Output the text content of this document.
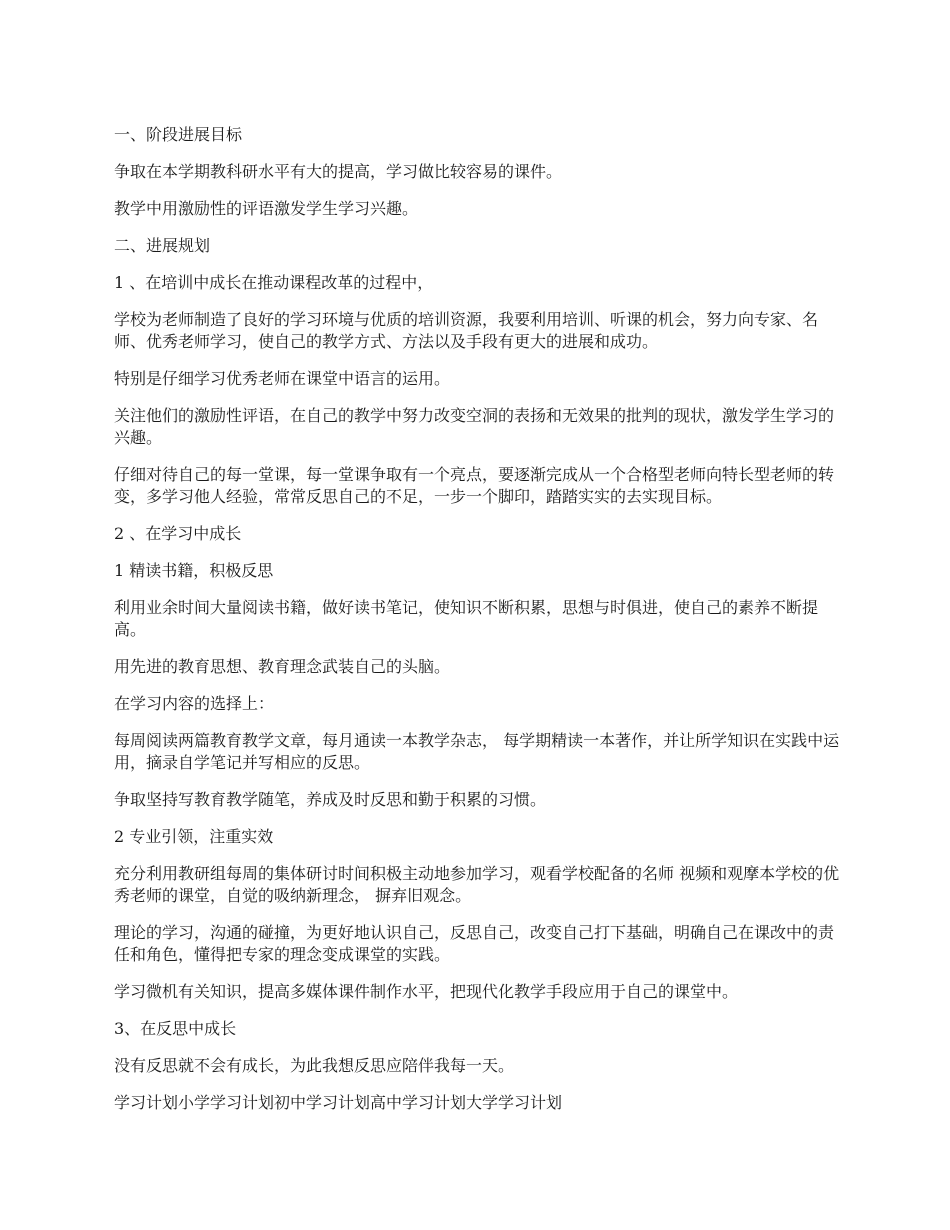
一、阶段进展目标

争取在本学期教科研水平有大的提高，学习做比较容易的课件。

教学中用激励性的评语激发学生学习兴趣。

二、进展规划

1 、在培训中成长在推动课程改革的过程中，

学校为老师制造了良好的学习环境与优质的培训资源，我要利用培训、听课的机会，努力向专家、名师、优秀老师学习，使自己的教学方式、方法以及手段有更大的进展和成功。

特别是仔细学习优秀老师在课堂中语言的运用。

关注他们的激励性评语，在自己的教学中努力改变空洞的表扬和无效果的批判的现状，激发学生学习的兴趣。

仔细对待自己的每一堂课，每一堂课争取有一个亮点，要逐渐完成从一个合格型老师向特长型老师的转变，多学习他人经验，常常反思自己的不足，一步一个脚印，踏踏实实的去实现目标。

2 、在学习中成长

1 精读书籍，积极反思

利用业余时间大量阅读书籍，做好读书笔记，使知识不断积累，思想与时俱进，使自己的素养不断提高。

用先进的教育思想、教育理念武装自己的头脑。

在学习内容的选择上：

每周阅读两篇教育教学文章，每月通读一本教学杂志， 每学期精读一本著作，并让所学知识在实践中运用，摘录自学笔记并写相应的反思。

争取坚持写教育教学随笔，养成及时反思和勤于积累的习惯。

2 专业引领，注重实效

充分利用教研组每周的集体研讨时间积极主动地参加学习，观看学校配备的名师 视频和观摩本学校的优秀老师的课堂，自觉的吸纳新理念， 摒弃旧观念。

理论的学习，沟通的碰撞，为更好地认识自己，反思自己，改变自己打下基础，明确自己在课改中的责任和角色，懂得把专家的理念变成课堂的实践。

学习微机有关知识，提高多媒体课件制作水平，把现代化教学手段应用于自己的课堂中。

3、在反思中成长

没有反思就不会有成长，为此我想反思应陪伴我每一天。

学习计划小学学习计划初中学习计划高中学习计划大学学习计划
